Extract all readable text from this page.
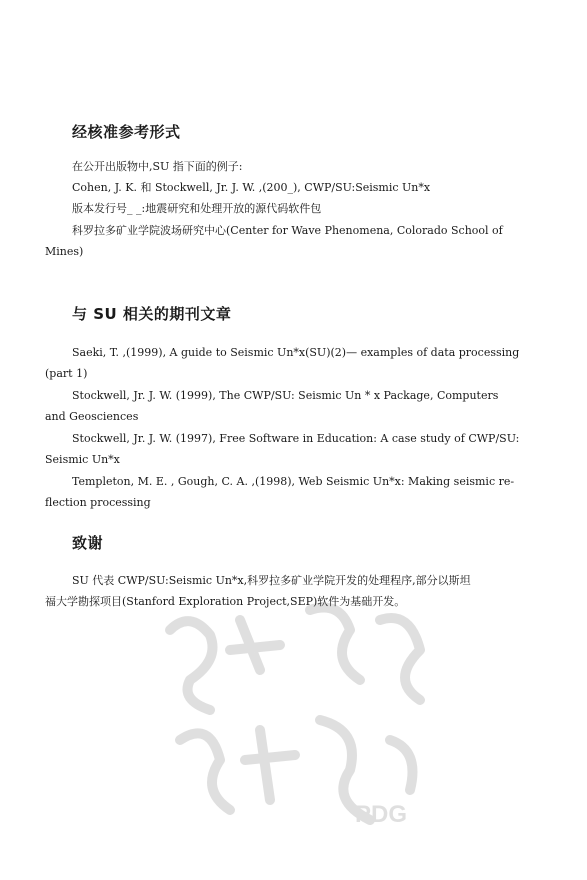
经核准参考形式

在公开出版物中,SU 指下面的例子:

Cohen, J. K. 和 Stockwell, Jr. J. W. ,(200_), CWP/SU:Seismic Un*x

版本发行号_ _:地震研究和处理开放的源代码软件包

科罗拉多矿业学院波场研究中心(Center for Wave Phenomena, Colorado School of

Mines)

与 SU 相关的期刊文章

Saeki, T. ,(1999), A guide to Seismic Un*x(SU)(2)— examples of data processing

(part 1)

Stockwell, Jr. J. W. (1999), The CWP/SU: Seismic Un * x Package, Computers

and Geosciences

Stockwell, Jr. J. W. (1997), Free Software in Education: A case study of CWP/SU:

Seismic Un*x

Templeton, M. E. , Gough, C. A. ,(1998), Web Seismic Un*x: Making seismic re-

flection processing

致谢

SU 代表 CWP/SU:Seismic Un*x,科罗拉多矿业学院开发的处理程序,部分以斯坦

福大学勘探项目(Stanford Exploration Project,SEP)软件为基础开发。

PDG
